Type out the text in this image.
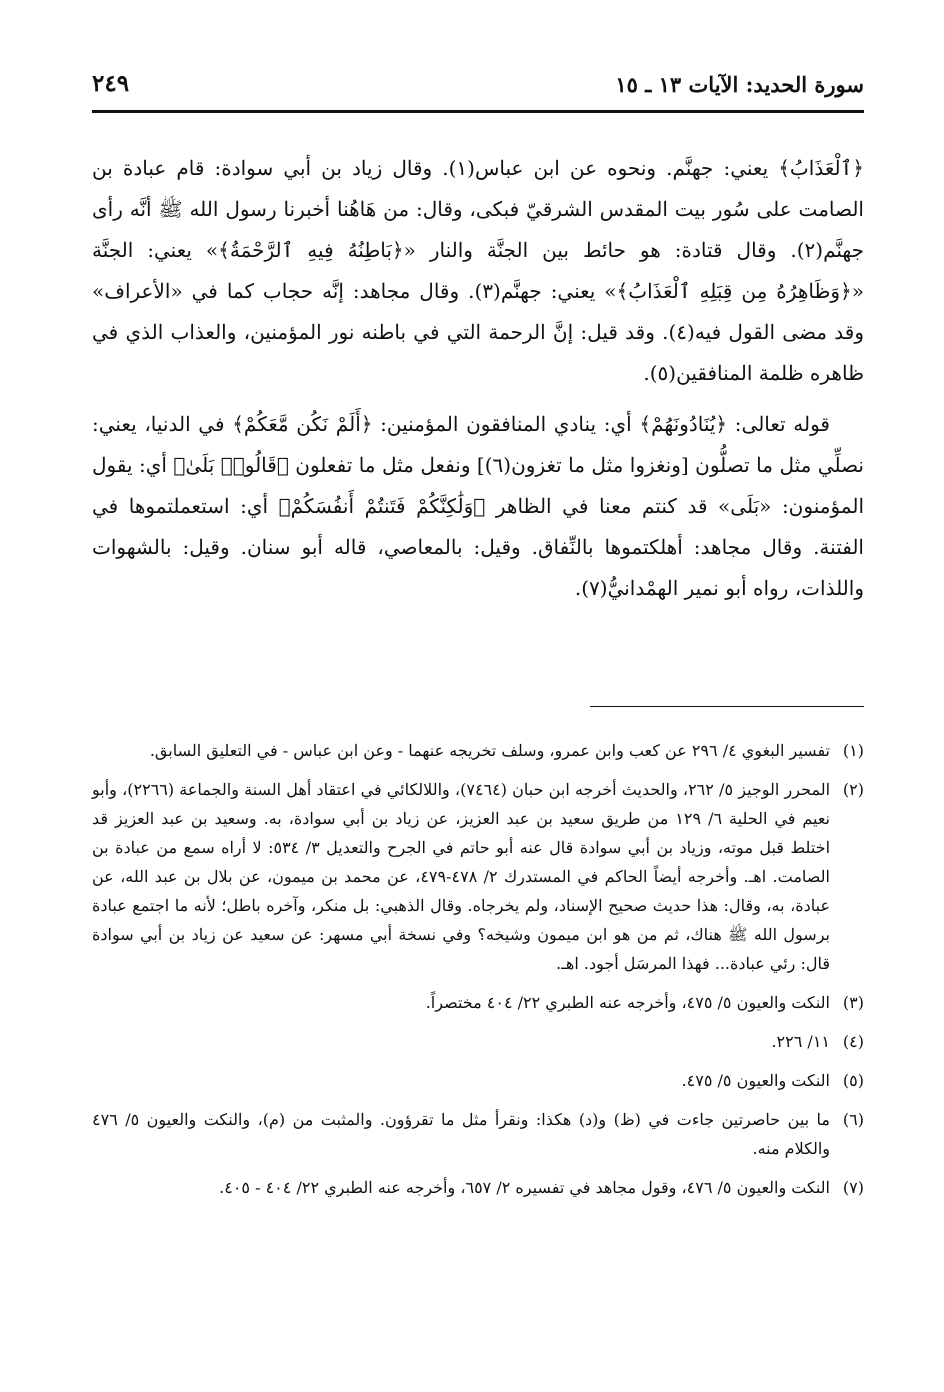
سورة الحديد: الآيات ١٣ ـ ١٥
٢٤٩

﴿ٱلْعَذَابُ﴾ يعني: جهنَّم. ونحوه عن ابن عباس(١). وقال زياد بن أبي سوادة: قام عبادة بن الصامت على سُور بيت المقدس الشرقيّ فبكى، وقال: من هَاهُنا أخبرنا رسول الله ﷺ أنَّه رأى جهنَّم(٢). وقال قتادة: هو حائط بين الجنَّة والنار «﴿بَاطِنُهُ فِيهِ ٱلرَّحْمَةُ﴾» يعني: الجنَّة «﴿وَظَاهِرُهُ مِن قِبَلِهِ ٱلْعَذَابُ﴾» يعني: جهنَّم(٣). وقال مجاهد: إنَّه حجاب كما في «الأعراف» وقد مضى القول فيه(٤). وقد قيل: إنَّ الرحمة التي في باطنه نور المؤمنين، والعذاب الذي في ظاهره ظلمة المنافقين(٥).

قوله تعالى: ﴿يُنَادُونَهُمْ﴾ أي: ينادي المنافقون المؤمنين: ﴿أَلَمْ نَكُن مَّعَكُمْ﴾ في الدنيا، يعني: نصلِّي مثل ما تصلُّون [ونغزوا مثل ما تغزون(٦)] ونفعل مثل ما تفعلون ﴿قَالُوا۟ بَلَىٰ﴾ أي: يقول المؤمنون: «بَلَى» قد كنتم معنا في الظاهر ﴿وَلَٰكِنَّكُمْ فَتَنتُمْ أَنفُسَكُمْ﴾ أي: استعملتموها في الفتنة. وقال مجاهد: أهلكتموها بالنِّفاق. وقيل: بالمعاصي، قاله أبو سنان. وقيل: بالشهوات واللذات، رواه أبو نمير الهمْدانيُّ(٧).

(١)
تفسير البغوي ٤/ ٢٩٦ عن كعب وابن عمرو، وسلف تخريجه عنهما - وعن ابن عباس - في التعليق السابق.
(٢)
المحرر الوجيز ٥/ ٢٦٢، والحديث أخرجه ابن حبان (٧٤٦٤)، واللالكائي في اعتقاد أهل السنة والجماعة (٢٢٦٦)، وأبو نعيم في الحلية ٦/ ١٢٩ من طريق سعيد بن عبد العزيز، عن زياد بن أبي سوادة، به. وسعيد بن عبد العزيز قد اختلط قبل موته، وزياد بن أبي سوادة قال عنه أبو حاتم في الجرح والتعديل ٣/ ٥٣٤: لا أراه سمع من عبادة بن الصامت. اهـ. وأخرجه أيضاً الحاكم في المستدرك ٢/ ٤٧٨-٤٧٩، عن محمد بن ميمون، عن بلال بن عبد الله، عن عبادة، به، وقال: هذا حديث صحيح الإسناد، ولم يخرجاه. وقال الذهبي: بل منكر، وآخره باطل؛ لأنه ما اجتمع عبادة برسول الله ﷺ هناك، ثم من هو ابن ميمون وشيخه؟ وفي نسخة أبي مسهر: عن سعيد عن زياد بن أبي سوادة قال: رئي عبادة... فهذا المرسَل أجود. اهـ.
(٣)
النكت والعيون ٥/ ٤٧٥، وأخرجه عنه الطبري ٢٢/ ٤٠٤ مختصراً.
(٤)
١١/ ٢٢٦.
(٥)
النكت والعيون ٥/ ٤٧٥.
(٦)
ما بين حاصرتين جاءت في (ظ) و(د) هكذا: ونقرأ مثل ما تقرؤون. والمثبت من (م)، والنكت والعيون ٥/ ٤٧٦ والكلام منه.
(٧)
النكت والعيون ٥/ ٤٧٦، وقول مجاهد في تفسيره ٢/ ٦٥٧، وأخرجه عنه الطبري ٢٢/ ٤٠٤ - ٤٠٥.
